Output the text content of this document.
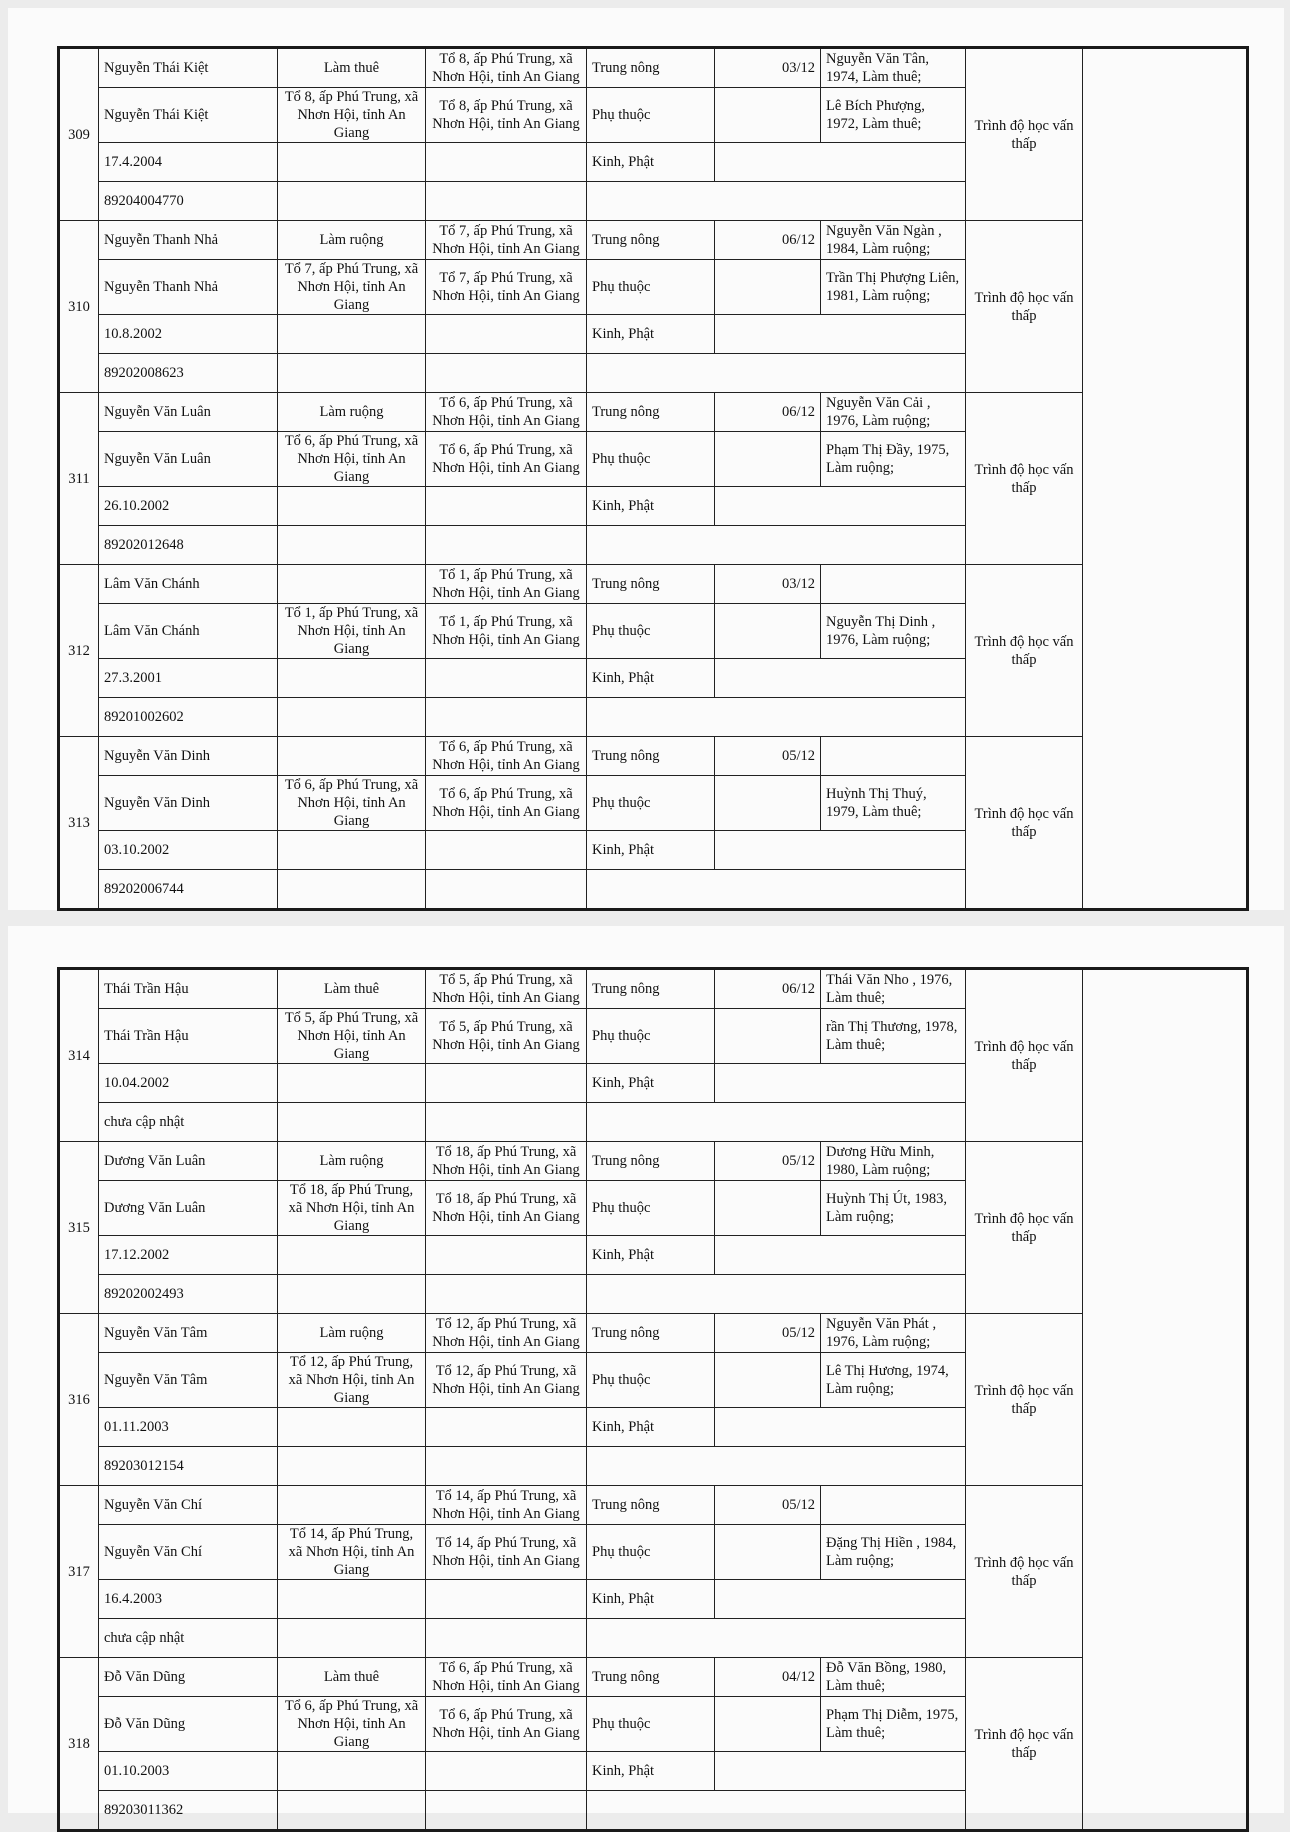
309	Nguyễn Thái Kiệt	Làm thuê	Tổ 8, ấp Phú Trung, xã Nhơn Hội, tỉnh An Giang	Trung nông	03/12	Nguyễn Văn Tân, 1974, Làm thuê;	Trình độ học vấn thấp
	Nguyễn Thái Kiệt	Tổ 8, ấp Phú Trung, xã Nhơn Hội, tỉnh An Giang	Tổ 8, ấp Phú Trung, xã Nhơn Hội, tỉnh An Giang	Phụ thuộc		Lê Bích Phượng, 1972, Làm thuê;	
	17.4.2004			Kinh, Phật			
	89204004770						
310	Nguyễn Thanh Nhả	Làm ruộng	Tổ 7, ấp Phú Trung, xã Nhơn Hội, tỉnh An Giang	Trung nông	06/12	Nguyễn Văn Ngàn , 1984, Làm ruộng;	Trình độ học vấn thấp
	Nguyễn Thanh Nhả	Tổ 7, ấp Phú Trung, xã Nhơn Hội, tỉnh An Giang	Tổ 7, ấp Phú Trung, xã Nhơn Hội, tỉnh An Giang	Phụ thuộc		Trần Thị Phượng Liên, 1981, Làm ruộng;	
	10.8.2002			Kinh, Phật			
	89202008623						
311	Nguyễn Văn Luân	Làm ruộng	Tổ 6, ấp Phú Trung, xã Nhơn Hội, tỉnh An Giang	Trung nông	06/12	Nguyễn Văn Cải , 1976, Làm ruộng;	Trình độ học vấn thấp
	Nguyễn Văn Luân	Tổ 6, ấp Phú Trung, xã Nhơn Hội, tỉnh An Giang	Tổ 6, ấp Phú Trung, xã Nhơn Hội, tỉnh An Giang	Phụ thuộc		Phạm Thị Đầy, 1975, Làm ruộng;	
	26.10.2002			Kinh, Phật			
	89202012648						
312	Lâm Văn Chánh		Tổ 1, ấp Phú Trung, xã Nhơn Hội, tỉnh An Giang	Trung nông	03/12		Trình độ học vấn thấp
	Lâm Văn Chánh	Tổ 1, ấp Phú Trung, xã Nhơn Hội, tỉnh An Giang	Tổ 1, ấp Phú Trung, xã Nhơn Hội, tỉnh An Giang	Phụ thuộc		Nguyễn Thị Dinh , 1976, Làm ruộng;	
	27.3.2001			Kinh, Phật			
	89201002602						
313	Nguyễn Văn Dinh		Tổ 6, ấp Phú Trung, xã Nhơn Hội, tỉnh An Giang	Trung nông	05/12		Trình độ học vấn thấp
	Nguyễn Văn Dinh	Tổ 6, ấp Phú Trung, xã Nhơn Hội, tỉnh An Giang	Tổ 6, ấp Phú Trung, xã Nhơn Hội, tỉnh An Giang	Phụ thuộc		Huỳnh Thị Thuý, 1979, Làm thuê;	
	03.10.2002			Kinh, Phật			
	89202006744						
314	Thái Trần Hậu	Làm thuê	Tổ 5, ấp Phú Trung, xã Nhơn Hội, tỉnh An Giang	Trung nông	06/12	Thái Văn Nho , 1976, Làm thuê;	Trình độ học vấn thấp
	Thái Trần Hậu	Tổ 5, ấp Phú Trung, xã Nhơn Hội, tỉnh An Giang	Tổ 5, ấp Phú Trung, xã Nhơn Hội, tỉnh An Giang	Phụ thuộc		rần Thị Thương, 1978, Làm thuê;	
	10.04.2002			Kinh, Phật			
	chưa cập nhật						
315	Dương Văn Luân	Làm ruộng	Tổ 18, ấp Phú Trung, xã Nhơn Hội, tỉnh An Giang	Trung nông	05/12	Dương Hữu Minh, 1980, Làm ruộng;	Trình độ học vấn thấp
	Dương Văn Luân	Tổ 18, ấp Phú Trung, xã Nhơn Hội, tỉnh An Giang	Tổ 18, ấp Phú Trung, xã Nhơn Hội, tỉnh An Giang	Phụ thuộc		Huỳnh Thị Út, 1983, Làm ruộng;	
	17.12.2002			Kinh, Phật			
	89202002493						
316	Nguyễn Văn Tâm	Làm ruộng	Tổ 12, ấp Phú Trung, xã Nhơn Hội, tỉnh An Giang	Trung nông	05/12	Nguyễn Văn Phát , 1976, Làm ruộng;	Trình độ học vấn thấp
	Nguyễn Văn Tâm	Tổ 12, ấp Phú Trung, xã Nhơn Hội, tỉnh An Giang	Tổ 12, ấp Phú Trung, xã Nhơn Hội, tỉnh An Giang	Phụ thuộc		Lê Thị Hương, 1974, Làm ruộng;	
	01.11.2003			Kinh, Phật			
	89203012154						
317	Nguyễn Văn Chí		Tổ 14, ấp Phú Trung, xã Nhơn Hội, tỉnh An Giang	Trung nông	05/12		Trình độ học vấn thấp
	Nguyễn Văn Chí	Tổ 14, ấp Phú Trung, xã Nhơn Hội, tỉnh An Giang	Tổ 14, ấp Phú Trung, xã Nhơn Hội, tỉnh An Giang	Phụ thuộc		Đặng Thị Hiền , 1984, Làm ruộng;	
	16.4.2003			Kinh, Phật			
	chưa cập nhật						
318	Đỗ Văn Dũng	Làm thuê	Tổ 6, ấp Phú Trung, xã Nhơn Hội, tỉnh An Giang	Trung nông	04/12	Đỗ Văn Bồng, 1980, Làm thuê;	Trình độ học vấn thấp
	Đỗ Văn Dũng	Tổ 6, ấp Phú Trung, xã Nhơn Hội, tỉnh An Giang	Tổ 6, ấp Phú Trung, xã Nhơn Hội, tỉnh An Giang	Phụ thuộc		Phạm Thị Diễm, 1975, Làm thuê;	
	01.10.2003			Kinh, Phật			
	89203011362						
